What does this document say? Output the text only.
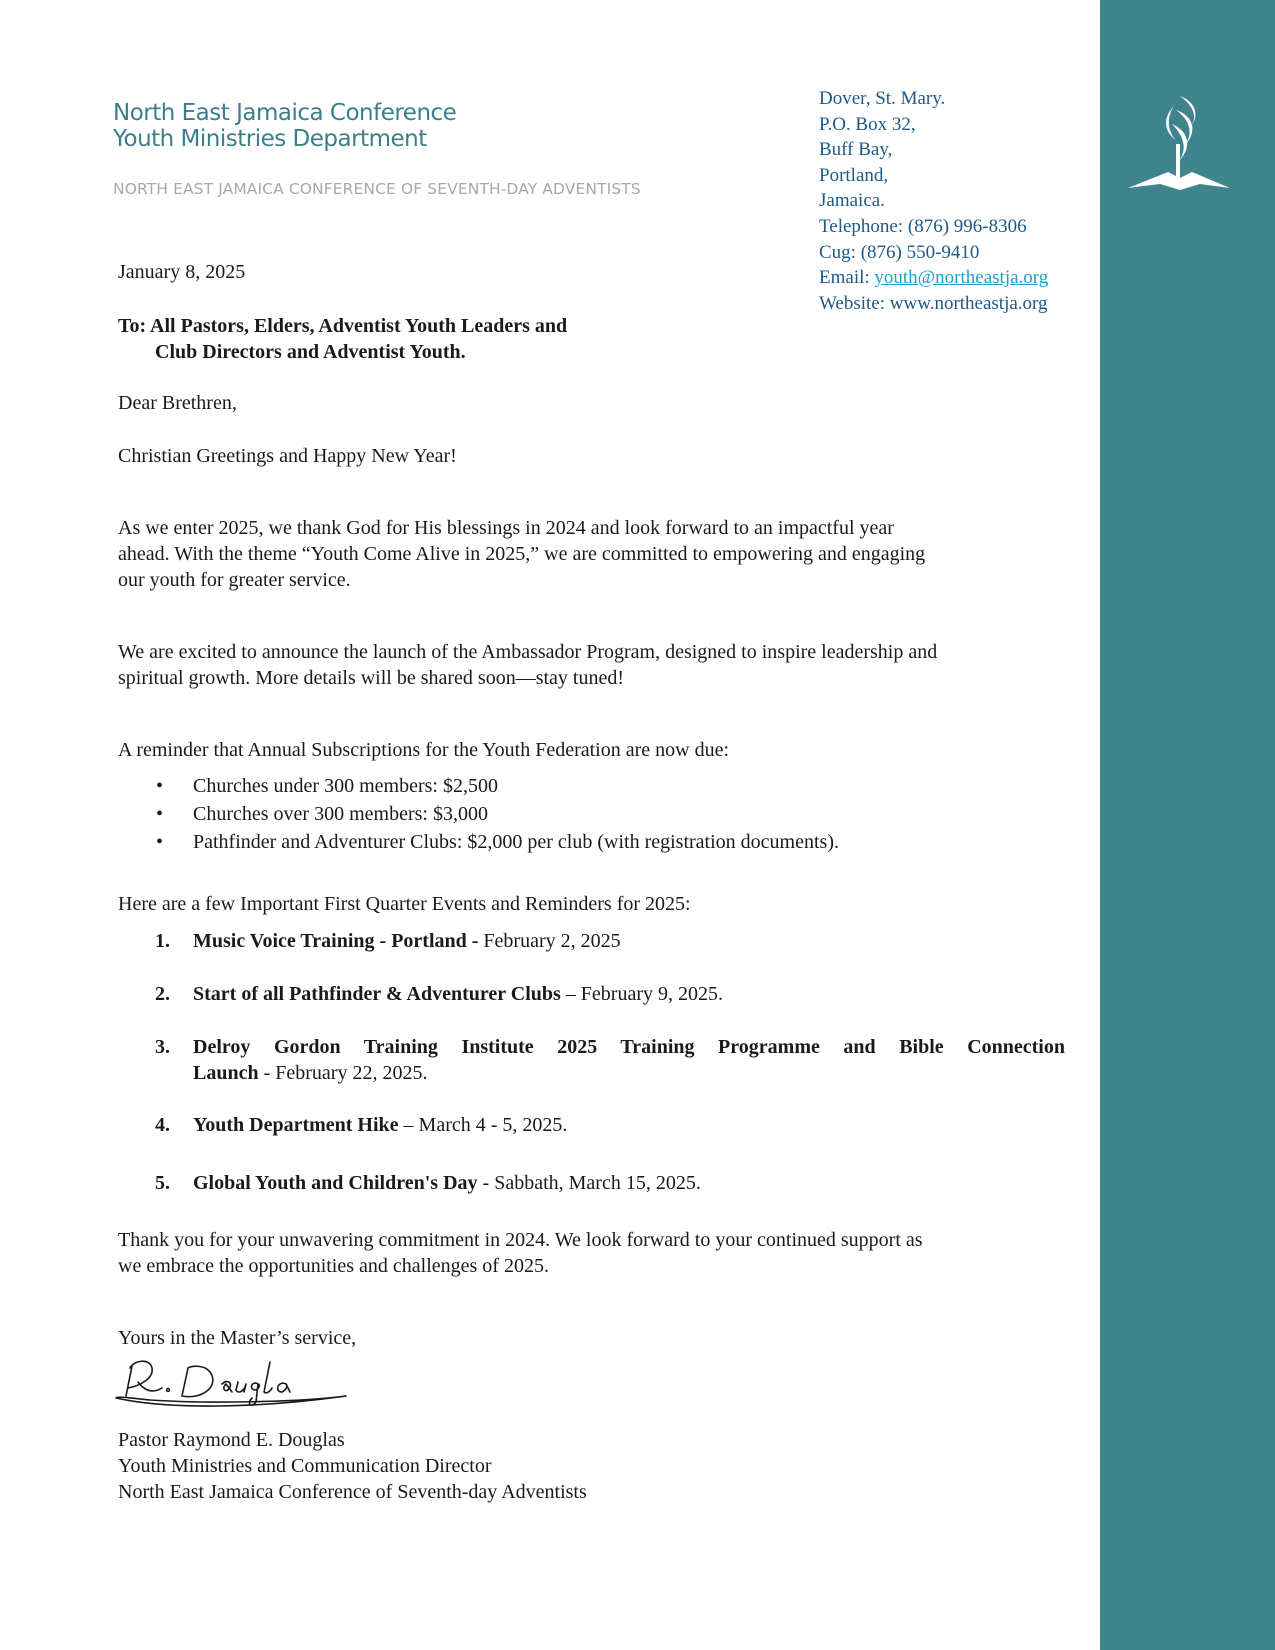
North East Jamaica Conference
Youth Ministries Department
NORTH EAST JAMAICA CONFERENCE OF SEVENTH-DAY ADVENTISTS
Dover, St. Mary.
P.O. Box 32,
Buff Bay,
Portland,
Jamaica.
Telephone: (876) 996-8306
Cug: (876) 550-9410
Email: youth@northeastja.org
Website: www.northeastja.org
January 8, 2025
To: All Pastors, Elders, Adventist Youth Leaders and
Club Directors and Adventist Youth.
Dear Brethren,
Christian Greetings and Happy New Year!
As we enter 2025, we thank God for His blessings in 2024 and look forward to an impactful year
ahead. With the theme “Youth Come Alive in 2025,” we are committed to empowering and engaging
our youth for greater service.
We are excited to announce the launch of the Ambassador Program, designed to inspire leadership and
spiritual growth. More details will be shared soon—stay tuned!
A reminder that Annual Subscriptions for the Youth Federation are now due:
• Churches under 300 members: $2,500
• Churches over 300 members: $3,000
• Pathfinder and Adventurer Clubs: $2,000 per club (with registration documents).
Here are a few Important First Quarter Events and Reminders for 2025:
1. Music Voice Training - Portland - February 2, 2025
2. Start of all Pathfinder & Adventurer Clubs – February 9, 2025.
3. Delroy Gordon Training Institute 2025 Training Programme and Bible Connection
Launch - February 22, 2025.
4. Youth Department Hike – March 4 - 5, 2025.
5. Global Youth and Children's Day - Sabbath, March 15, 2025.
Thank you for your unwavering commitment in 2024. We look forward to your continued support as
we embrace the opportunities and challenges of 2025.
Yours in the Master’s service,
Pastor Raymond E. Douglas
Youth Ministries and Communication Director
North East Jamaica Conference of Seventh-day Adventists
